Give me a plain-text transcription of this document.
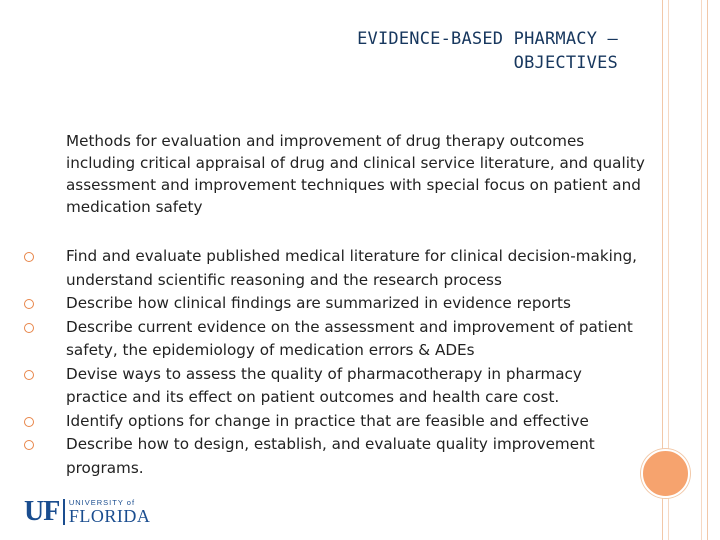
EVIDENCE-BASED PHARMACY –
OBJECTIVES
Methods for evaluation and improvement of drug therapy outcomes including critical appraisal of drug and clinical service literature, and quality assessment and improvement techniques with special focus on patient and medication safety
Find and evaluate published medical literature for clinical decision-making, understand scientific reasoning and the research process
Describe how clinical findings are summarized in evidence reports
Describe current evidence on the assessment and improvement of patient safety, the epidemiology of medication errors & ADEs
Devise ways to assess the quality of pharmacotherapy in pharmacy practice and its effect on patient outcomes and health care cost.
Identify options for change in practice that are feasible and effective
Describe how to design, establish, and evaluate quality improvement programs.
UF UNIVERSITY of
FLORIDA
